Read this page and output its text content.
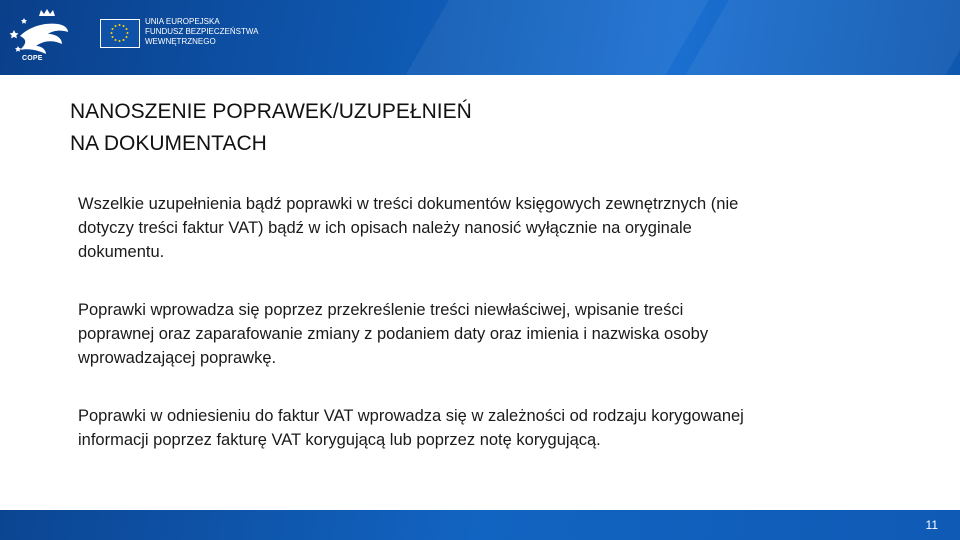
COPE
UNIA EUROPEJSKA
FUNDUSZ BEZPIECZEŃSTWA
WEWNĘTRZNEGO
NANOSZENIE POPRAWEK/UZUPEŁNIEŃ
NA DOKUMENTACH
Wszelkie uzupełnienia bądź poprawki w treści dokumentów księgowych zewnętrznych (nie
dotyczy treści faktur VAT) bądź w ich opisach należy nanosić wyłącznie na oryginale
dokumentu.
Poprawki wprowadza się poprzez przekreślenie treści niewłaściwej, wpisanie treści
poprawnej oraz zaparafowanie zmiany z podaniem daty oraz imienia i nazwiska osoby
wprowadzającej poprawkę.
Poprawki w odniesieniu do faktur VAT wprowadza się w zależności od rodzaju korygowanej
informacji poprzez fakturę VAT korygującą lub poprzez notę korygującą.
11
